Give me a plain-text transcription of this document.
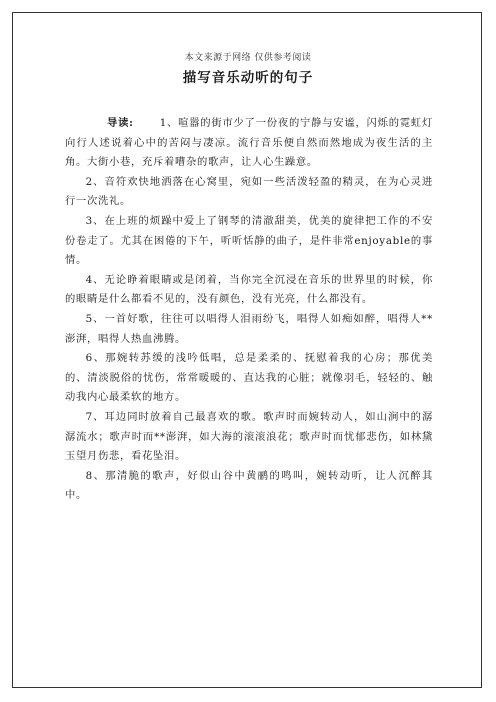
本文来源于网络 仅供参考阅读
描写音乐动听的句子

导读:	1、喧嚣的街市少了一份夜的宁静与安谧，闪烁的霓虹灯向行人述说着心中的苦闷与凄凉。流行音乐便自然而然地成为夜生活的主角。大街小巷，充斥着嘈杂的歌声，让人心生躁意。

2、音符欢快地洒落在心窝里，宛如一些活泼轻盈的精灵，在为心灵进行一次洗礼。

3、在上班的烦躁中爱上了钢琴的清澈甜美，优美的旋律把工作的不安份卷走了。尤其在困倦的下午，听听恬静的曲子，是件非常enjoyable的事情。

4、无论睁着眼睛或是闭着，当你完全沉浸在音乐的世界里的时候，你的眼睛是什么都看不见的，没有颜色，没有光亮，什么都没有。

5、一首好歌，往往可以唱得人泪雨纷飞，唱得人如痴如醉，唱得人**澎湃，唱得人热血沸腾。

6、那婉转苏缓的浅吟低唱，总是柔柔的、抚慰着我的心房；那优美的、清淡脱俗的忧伤，常常暖暖的、直达我的心脏；就像羽毛，轻轻的、触动我内心最柔软的地方。

7、耳边同时放着自己最喜欢的歌。歌声时而婉转动人，如山涧中的潺潺流水；歌声时而**澎湃，如大海的滚滚浪花；歌声时而忧郁悲伤，如林黛玉望月伤悲，看花坠泪。

8、那清脆的歌声，好似山谷中黄鹂的鸣叫，婉转动听，让人沉醉其中。
